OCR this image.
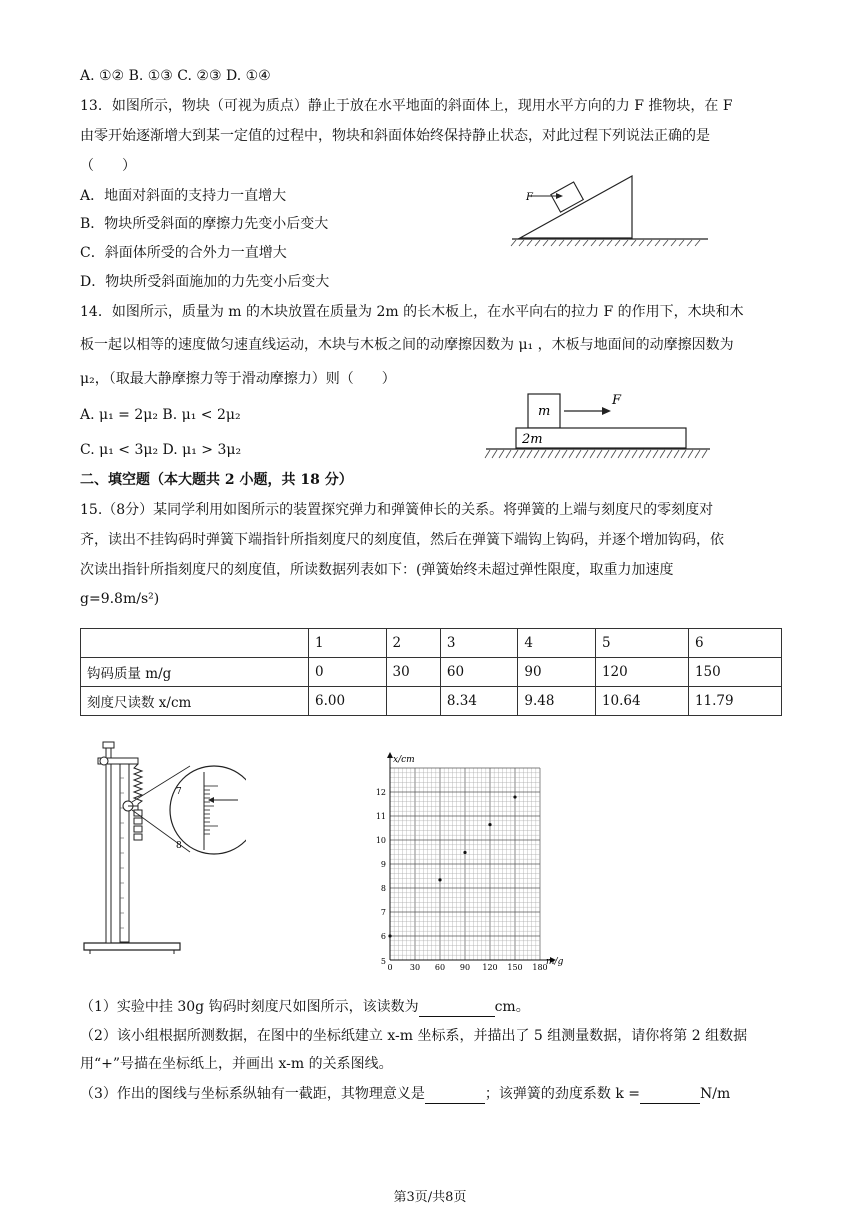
A. ①② B. ①③ C. ②③ D. ①④
13．如图所示，物块（可视为质点）静止于放在水平地面的斜面体上，现用水平方向的力 F 推物块，在 F
由零开始逐渐增大到某一定值的过程中，物块和斜面体始终保持静止状态，对此过程下列说法正确的是
（　　）
A．地面对斜面的支持力一直增大
B．物块所受斜面的摩擦力先变小后变大
C．斜面体所受的合外力一直增大
D．物块所受斜面施加的力先变小后变大
F
14．如图所示，质量为 m 的木块放置在质量为 2m 的长木板上，在水平向右的拉力 F 的作用下，木块和木
板一起以相等的速度做匀速直线运动，木块与木板之间的动摩擦因数为 μ₁ ，木板与地面间的动摩擦因数为
μ₂，（取最大静摩擦力等于滑动摩擦力）则（　　）
A. μ₁ = 2μ₂ B. μ₁ < 2μ₂
C. μ₁ < 3μ₂ D. μ₁ > 3μ₂
m
F
2m
二、填空题（本大题共 2 小题，共 18 分）
15.（8分）某同学利用如图所示的装置探究弹力和弹簧伸长的关系。将弹簧的上端与刻度尺的零刻度对
齐，读出不挂钩码时弹簧下端指针所指刻度尺的刻度值，然后在弹簧下端钩上钩码，并逐个增加钩码，依
次读出指针所指刻度尺的刻度值，所读数据列表如下：(弹簧始终未超过弹性限度，取重力加速度
g=9.8m/s²)
	1	2	3	4	5	6
钩码质量 m/g	0	30	60	90	120	150
刻度尺读数 x/cm	6.00		8.34	9.48	10.64	11.79
7
8
0 30 60 90 120 150 180
6
7
8
9
10
11
12
5
x/cm
m/g
（1）实验中挂 30g 钩码时刻度尺如图所示，该读数为	cm。
（2）该小组根据所测数据，在图中的坐标纸建立 x-m 坐标系，并描出了 5 组测量数据，请你将第 2 组数据
用“+”号描在坐标纸上，并画出 x-m 的关系图线。
（3）作出的图线与坐标系纵轴有一截距，其物理意义是	；该弹簧的劲度系数 k =	N/m
第3页/共8页
